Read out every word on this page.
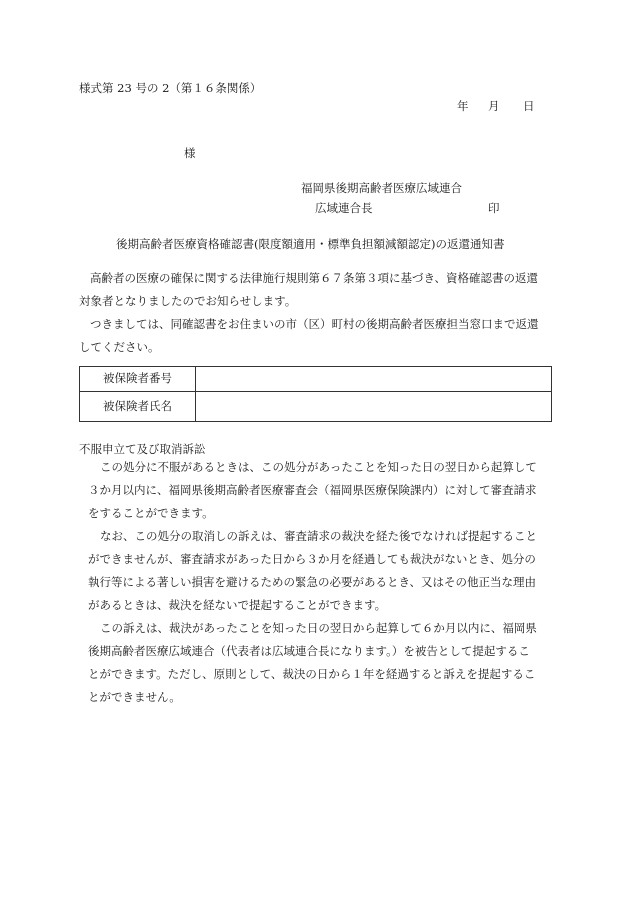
様式第 23 号の 2（第１６条関係）
年 月 日
様
福岡県後期高齢者医療広域連合
広域連合長	印
後期高齢者医療資格確認書(限度額適用・標準負担額減額認定)の返還通知書
高齢者の医療の確保に関する法律施行規則第６７条第３項に基づき、資格確認書の返還
対象者となりましたのでお知らせします。
つきましては、同確認書をお住まいの市（区）町村の後期高齢者医療担当窓口まで返還
してください。
被保険者番号	
被保険者氏名	
不服申立て及び取消訴訟
この処分に不服があるときは、この処分があったことを知った日の翌日から起算して
３か月以内に、福岡県後期高齢者医療審査会（福岡県医療保険課内）に対して審査請求
をすることができます。
なお、この処分の取消しの訴えは、審査請求の裁決を経た後でなければ提起すること
ができませんが、審査請求があった日から３か月を経過しても裁決がないとき、処分の
執行等による著しい損害を避けるための緊急の必要があるとき、又はその他正当な理由
があるときは、裁決を経ないで提起することができます。
この訴えは、裁決があったことを知った日の翌日から起算して６か月以内に、福岡県
後期高齢者医療広域連合（代表者は広域連合長になります。）を被告として提起するこ
とができます。ただし、原則として、裁決の日から１年を経過すると訴えを提起するこ
とができません。
